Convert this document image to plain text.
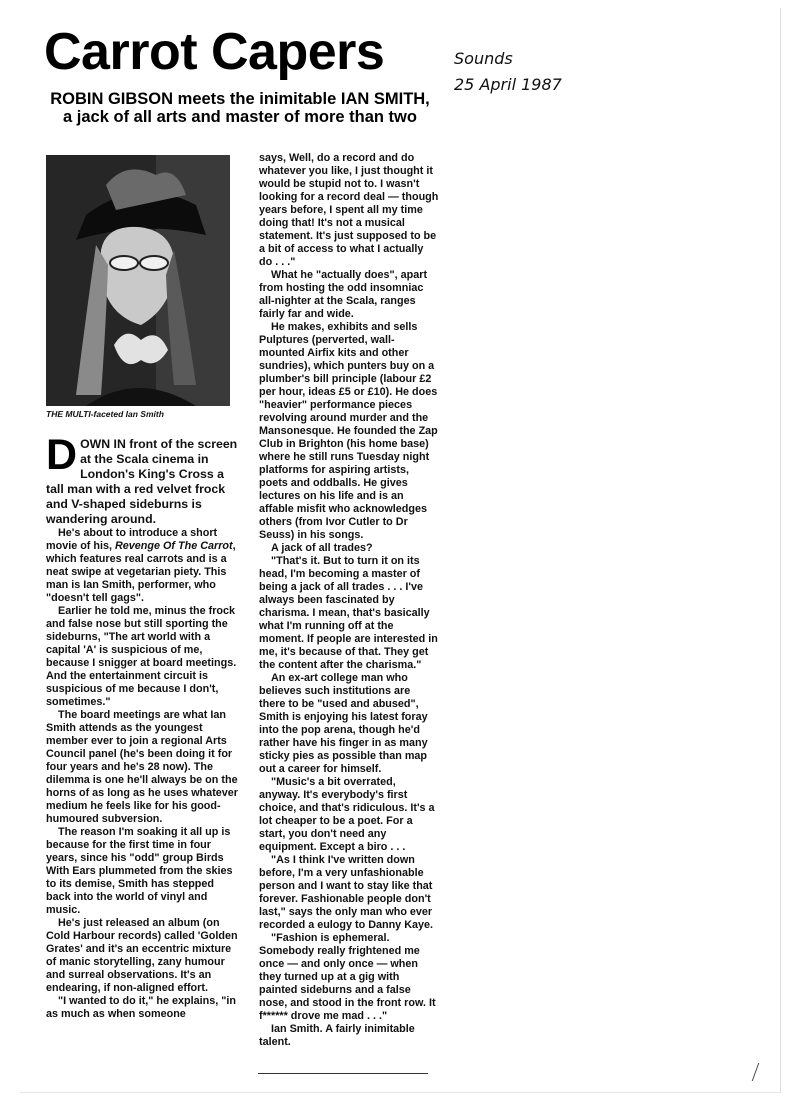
Carrot Capers
ROBIN GIBSON meets the inimitable IAN SMITH, a jack of all arts and master of more than two
Sounds
25 April 1987
THE MULTI-faceted Ian Smith

DOWN IN front of the screen at the Scala cinema in London's King's Cross a tall man with a red velvet frock and V-shaped sideburns is wandering around.

He's about to introduce a short movie of his, Revenge Of The Carrot, which features real carrots and is a neat swipe at vegetarian piety. This man is Ian Smith, performer, who "doesn't tell gags".

Earlier he told me, minus the frock and false nose but still sporting the sideburns, "The art world with a capital 'A' is suspicious of me, because I snigger at board meetings. And the entertainment circuit is suspicious of me because I don't, sometimes."

The board meetings are what Ian Smith attends as the youngest member ever to join a regional Arts Council panel (he's been doing it for four years and he's 28 now). The dilemma is one he'll always be on the horns of as long as he uses whatever medium he feels like for his good-humoured subversion.

The reason I'm soaking it all up is because for the first time in four years, since his "odd" group Birds With Ears plummeted from the skies to its demise, Smith has stepped back into the world of vinyl and music.

He's just released an album (on Cold Harbour records) called 'Golden Grates' and it's an eccentric mixture of manic storytelling, zany humour and surreal observations. It's an endearing, if non-aligned effort.

"I wanted to do it," he explains, "in as much as when someone

says, Well, do a record and do whatever you like, I just thought it would be stupid not to. I wasn't looking for a record deal — though years before, I spent all my time doing that! It's not a musical statement. It's just supposed to be a bit of access to what I actually do . . ."

What he "actually does", apart from hosting the odd insomniac all-nighter at the Scala, ranges fairly far and wide.

He makes, exhibits and sells Pulptures (perverted, wall-mounted Airfix kits and other sundries), which punters buy on a plumber's bill principle (labour £2 per hour, ideas £5 or £10). He does "heavier" performance pieces revolving around murder and the Mansonesque. He founded the Zap Club in Brighton (his home base) where he still runs Tuesday night platforms for aspiring artists, poets and oddballs. He gives lectures on his life and is an affable misfit who acknowledges others (from Ivor Cutler to Dr Seuss) in his songs.

A jack of all trades?

"That's it. But to turn it on its head, I'm becoming a master of being a jack of all trades . . . I've always been fascinated by charisma. I mean, that's basically what I'm running off at the moment. If people are interested in me, it's because of that. They get the content after the charisma."

An ex-art college man who believes such institutions are there to be "used and abused", Smith is enjoying his latest foray into the pop arena, though he'd rather have his finger in as many sticky pies as possible than map out a career for himself.

"Music's a bit overrated, anyway. It's everybody's first choice, and that's ridiculous. It's a lot cheaper to be a poet. For a start, you don't need any equipment. Except a biro . . .

"As I think I've written down before, I'm a very unfashionable person and I want to stay like that forever. Fashionable people don't last," says the only man who ever recorded a eulogy to Danny Kaye.

"Fashion is ephemeral. Somebody really frightened me once — and only once — when they turned up at a gig with painted sideburns and a false nose, and stood in the front row. It f****** drove me mad . . ."

Ian Smith. A fairly inimitable talent.
